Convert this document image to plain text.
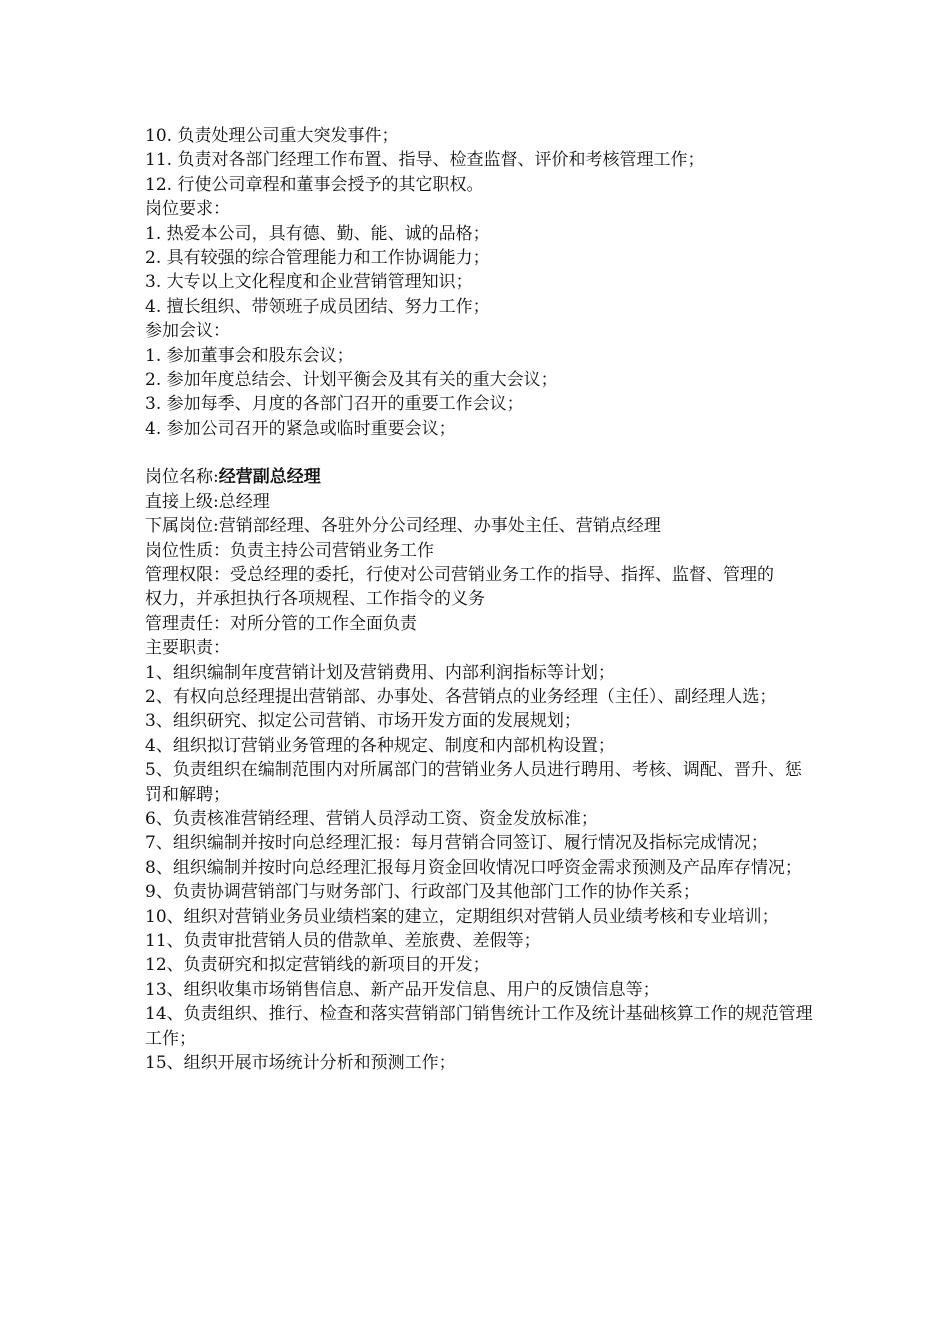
10. 负责处理公司重大突发事件；
11. 负责对各部门经理工作布置、指导、检查监督、评价和考核管理工作；
12. 行使公司章程和董事会授予的其它职权。
岗位要求：
1. 热爱本公司，具有德、勤、能、诚的品格；
2. 具有较强的综合管理能力和工作协调能力；
3. 大专以上文化程度和企业营销管理知识；
4. 擅长组织、带领班子成员团结、努力工作；
参加会议：
1. 参加董事会和股东会议；
2. 参加年度总结会、计划平衡会及其有关的重大会议；
3. 参加每季、月度的各部门召开的重要工作会议；
4. 参加公司召开的紧急或临时重要会议；
岗位名称:经营副总经理
直接上级:总经理
下属岗位:营销部经理、各驻外分公司经理、办事处主任、营销点经理
岗位性质：负责主持公司营销业务工作
管理权限：受总经理的委托，行使对公司营销业务工作的指导、指挥、监督、管理的
权力，并承担执行各项规程、工作指令的义务
管理责任：对所分管的工作全面负责
主要职责：
1、组织编制年度营销计划及营销费用、内部利润指标等计划；
2、有权向总经理提出营销部、办事处、各营销点的业务经理（主任）、副经理人选；
3、组织研究、拟定公司营销、市场开发方面的发展规划；
4、组织拟订营销业务管理的各种规定、制度和内部机构设置；
5、负责组织在编制范围内对所属部门的营销业务人员进行聘用、考核、调配、晋升、惩罚和解聘；
6、负责核准营销经理、营销人员浮动工资、资金发放标准；
7、组织编制并按时向总经理汇报：每月营销合同签订、履行情况及指标完成情况；
8、组织编制并按时向总经理汇报每月资金回收情况口呼资金需求预测及产品库存情况；
9、负责协调营销部门与财务部门、行政部门及其他部门工作的协作关系；
10、组织对营销业务员业绩档案的建立，定期组织对营销人员业绩考核和专业培训；
11、负责审批营销人员的借款单、差旅费、差假等；
12、负责研究和拟定营销线的新项目的开发；
13、组织收集市场销售信息、新产品开发信息、用户的反馈信息等；
14、负责组织、推行、检查和落实营销部门销售统计工作及统计基础核算工作的规范管理工作；
15、组织开展市场统计分析和预测工作；
